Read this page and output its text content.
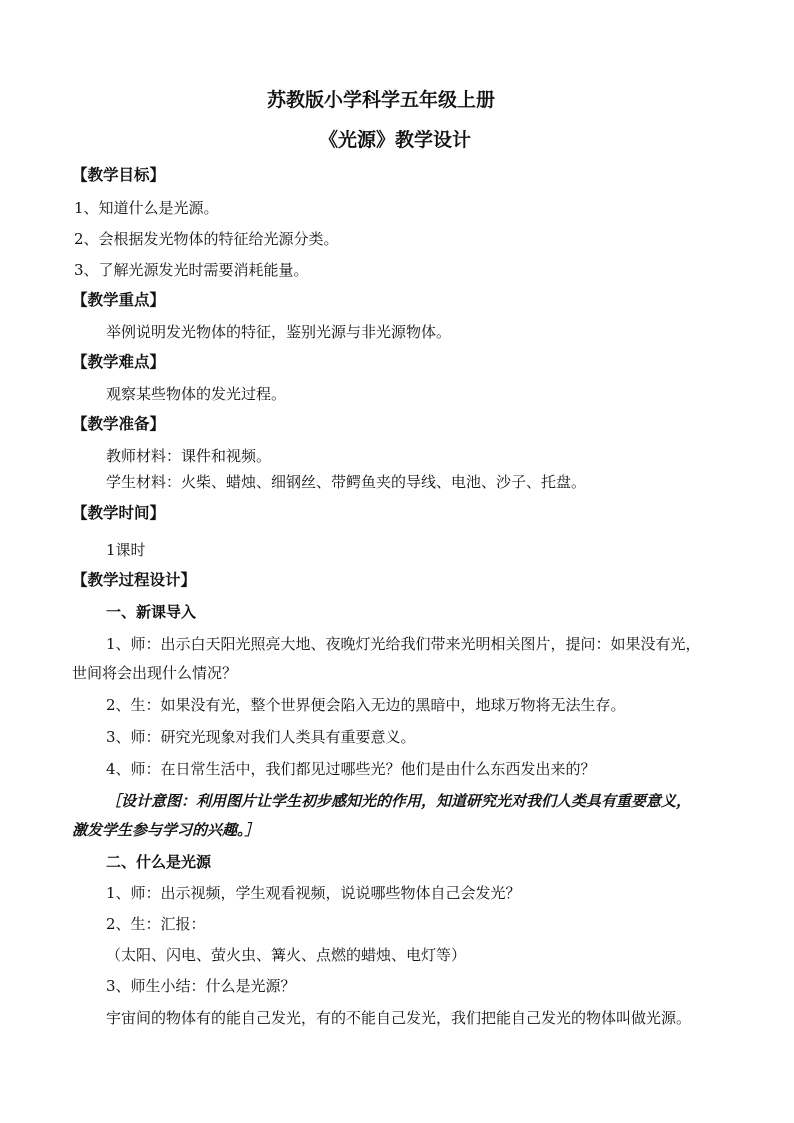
苏教版小学科学五年级上册
《光源》教学设计
【教学目标】
1、知道什么是光源。
2、会根据发光物体的特征给光源分类。
3、了解光源发光时需要消耗能量。
【教学重点】
举例说明发光物体的特征，鉴别光源与非光源物体。
【教学难点】
观察某些物体的发光过程。
【教学准备】
教师材料：课件和视频。
学生材料：火柴、蜡烛、细钢丝、带鳄鱼夹的导线、电池、沙子、托盘。
【教学时间】
1课时
【教学过程设计】
一、新课导入
1、师：出示白天阳光照亮大地、夜晚灯光给我们带来光明相关图片，提问：如果没有光，
世间将会出现什么情况？
2、生：如果没有光，整个世界便会陷入无边的黑暗中，地球万物将无法生存。
3、师：研究光现象对我们人类具有重要意义。
4、师：在日常生活中，我们都见过哪些光？他们是由什么东西发出来的？
［设计意图：利用图片让学生初步感知光的作用，知道研究光对我们人类具有重要意义，
激发学生参与学习的兴趣。］
二、什么是光源
1、师：出示视频，学生观看视频，说说哪些物体自己会发光？
2、生：汇报：
（太阳、闪电、萤火虫、篝火、点燃的蜡烛、电灯等）
3、师生小结：什么是光源？
宇宙间的物体有的能自己发光，有的不能自己发光，我们把能自己发光的物体叫做光源。
